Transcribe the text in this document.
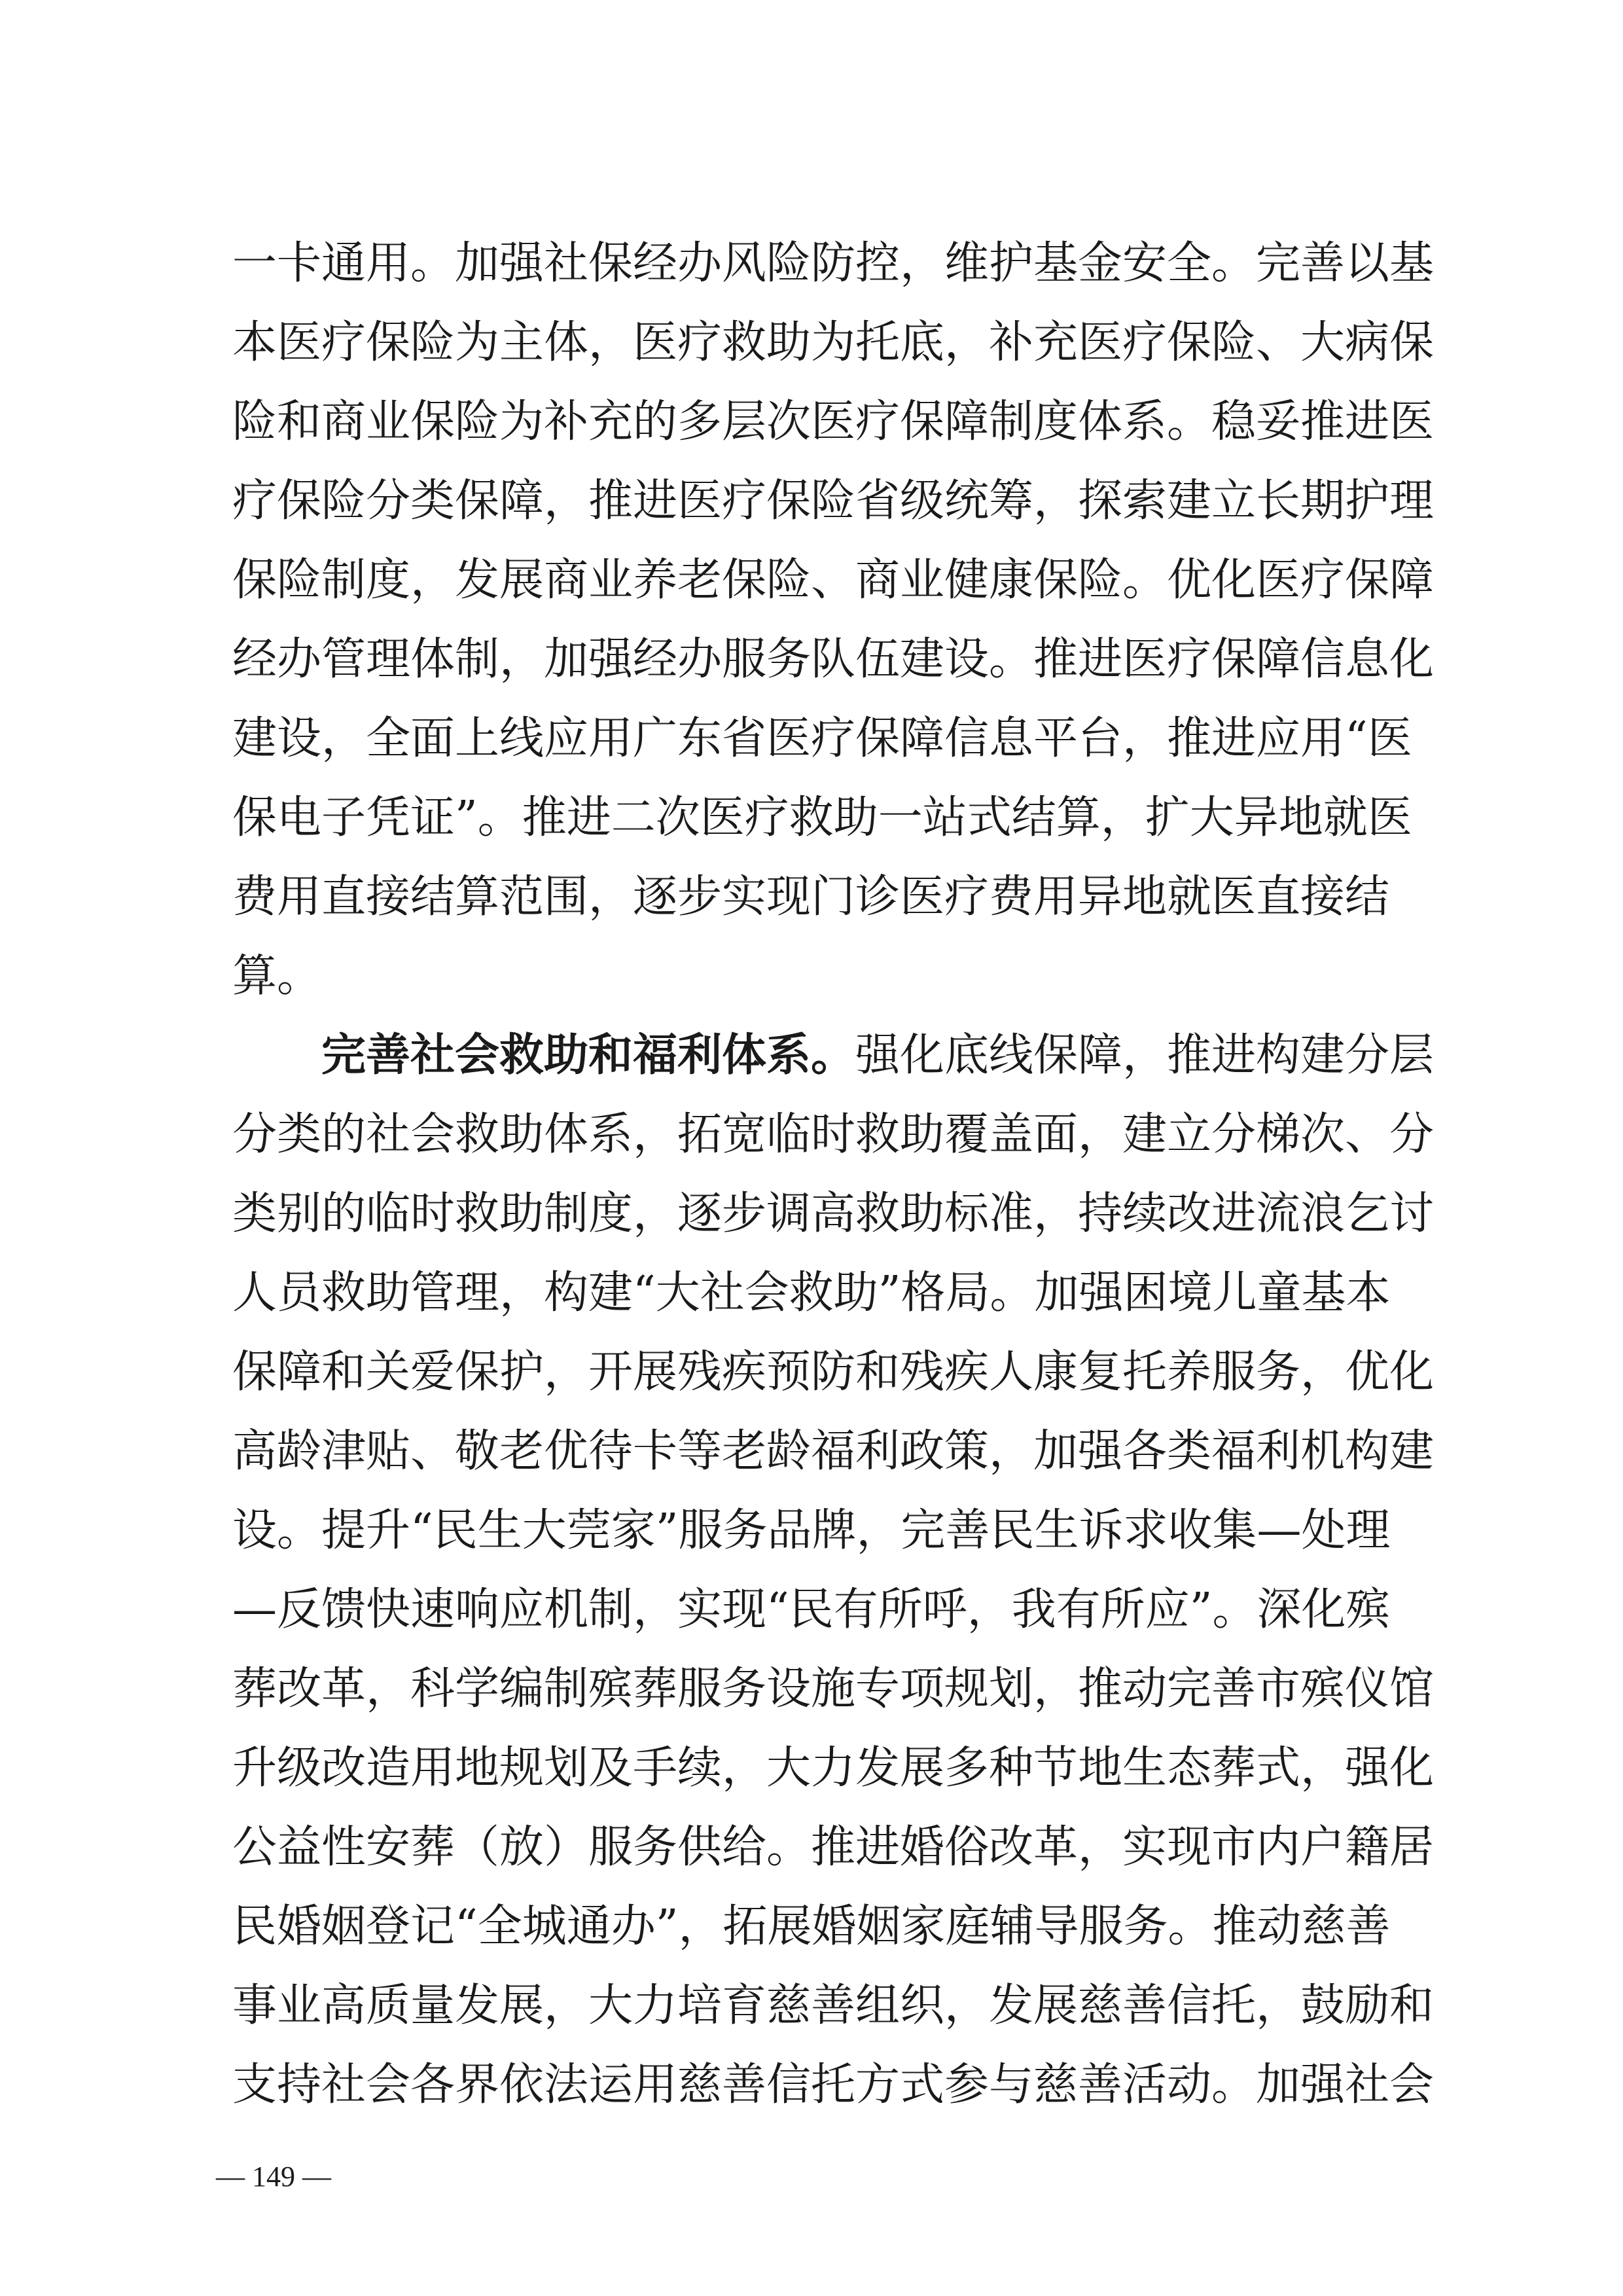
一卡通用。加强社保经办风险防控，维护基金安全。完善以基
本医疗保险为主体，医疗救助为托底，补充医疗保险、大病保
险和商业保险为补充的多层次医疗保障制度体系。稳妥推进医
疗保险分类保障，推进医疗保险省级统筹，探索建立长期护理
保险制度，发展商业养老保险、商业健康保险。优化医疗保障
经办管理体制，加强经办服务队伍建设。推进医疗保障信息化
建设，全面上线应用广东省医疗保障信息平台，推进应用“医
保电子凭证”。推进二次医疗救助一站式结算，扩大异地就医
费用直接结算范围，逐步实现门诊医疗费用异地就医直接结
算。
完善社会救助和福利体系。强化底线保障，推进构建分层
分类的社会救助体系，拓宽临时救助覆盖面，建立分梯次、分
类别的临时救助制度，逐步调高救助标准，持续改进流浪乞讨
人员救助管理，构建“大社会救助”格局。加强困境儿童基本
保障和关爱保护，开展残疾预防和残疾人康复托养服务，优化
高龄津贴、敬老优待卡等老龄福利政策，加强各类福利机构建
设。提升“民生大莞家”服务品牌，完善民生诉求收集—处理
—反馈快速响应机制，实现“民有所呼，我有所应”。深化殡
葬改革，科学编制殡葬服务设施专项规划，推动完善市殡仪馆
升级改造用地规划及手续，大力发展多种节地生态葬式，强化
公益性安葬（放）服务供给。推进婚俗改革，实现市内户籍居
民婚姻登记“全城通办”，拓展婚姻家庭辅导服务。推动慈善
事业高质量发展，大力培育慈善组织，发展慈善信托，鼓励和
支持社会各界依法运用慈善信托方式参与慈善活动。加强社会
— 149 —
